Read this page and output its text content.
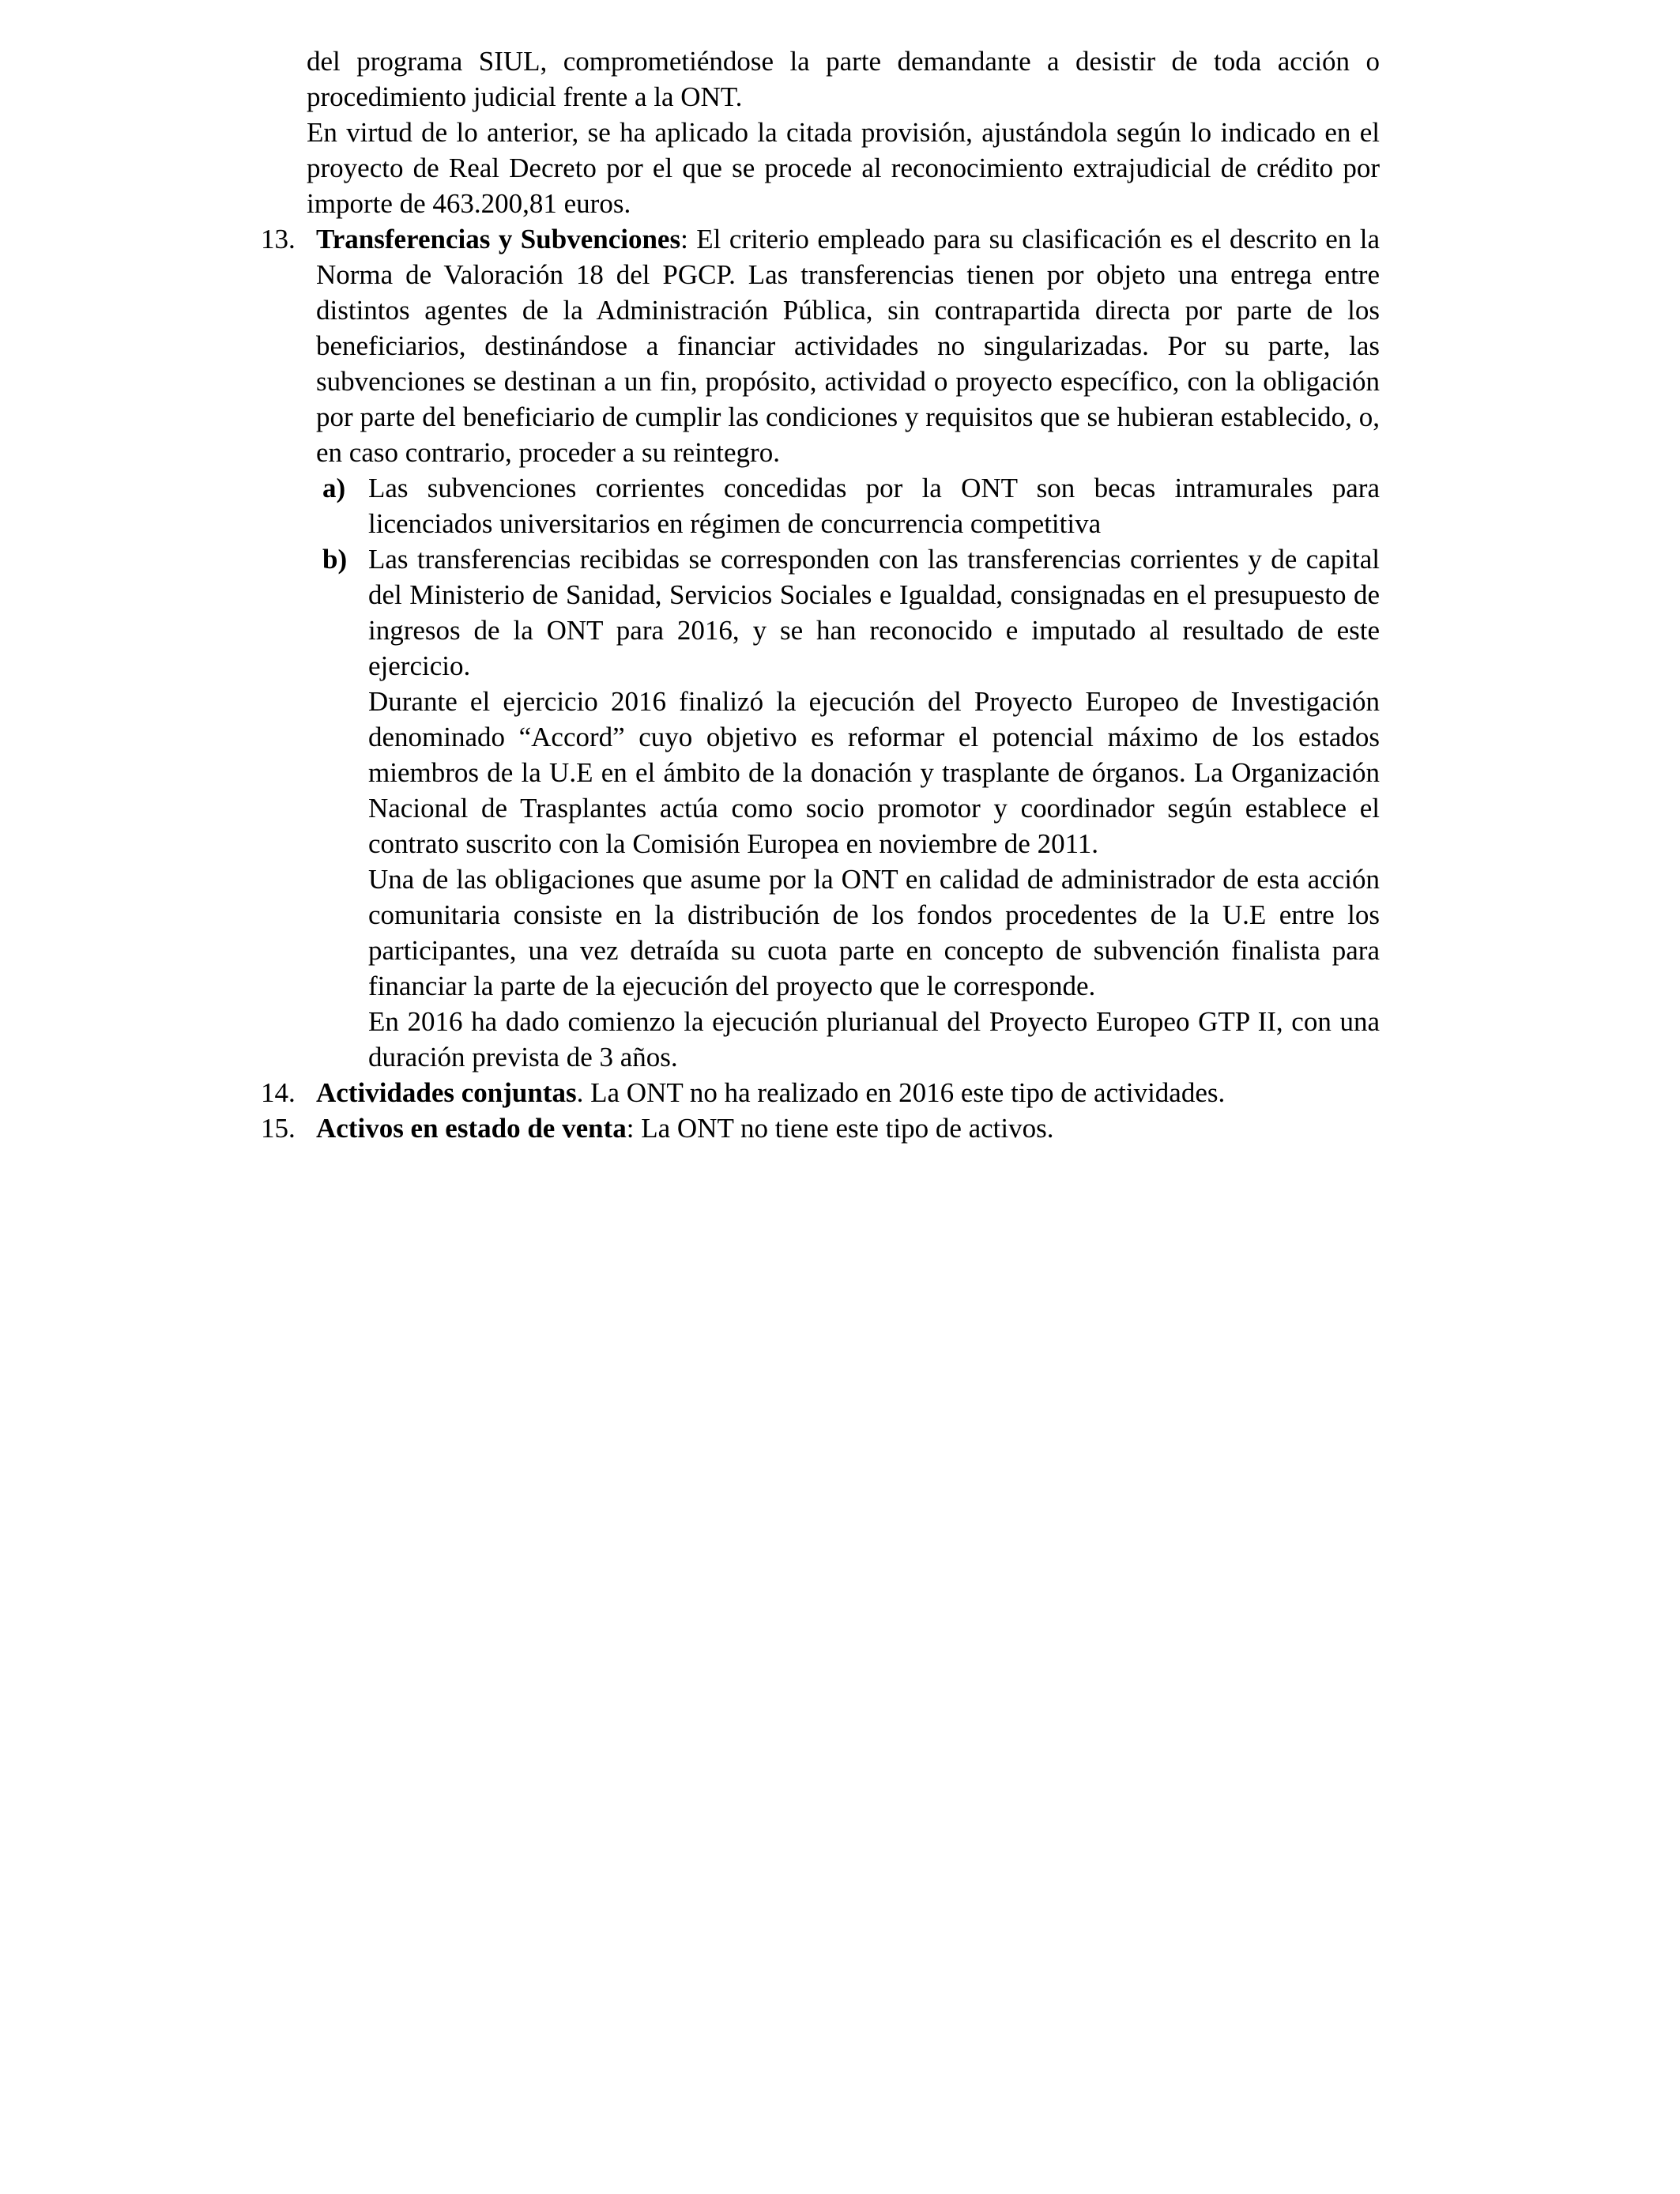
del programa SIUL, comprometiéndose la parte demandante a desistir de toda acción o procedimiento judicial frente a la ONT.

En virtud de lo anterior, se ha aplicado la citada provisión, ajustándola según lo indicado en el proyecto de Real Decreto por el que se procede al reconocimiento extrajudicial de crédito por importe de 463.200,81 euros.

13. Transferencias y Subvenciones: El criterio empleado para su clasificación es el descrito en la Norma de Valoración 18 del PGCP. Las transferencias tienen por objeto una entrega entre distintos agentes de la Administración Pública, sin contrapartida directa por parte de los beneficiarios, destinándose a financiar actividades no singularizadas. Por su parte, las subvenciones se destinan a un fin, propósito, actividad o proyecto específico, con la obligación por parte del beneficiario de cumplir las condiciones y requisitos que se hubieran establecido, o, en caso contrario, proceder a su reintegro.

a) Las subvenciones corrientes concedidas por la ONT son becas intramurales para licenciados universitarios en régimen de concurrencia competitiva

b) Las transferencias recibidas se corresponden con las transferencias corrientes y de capital del Ministerio de Sanidad, Servicios Sociales e Igualdad, consignadas en el presupuesto de ingresos de la ONT para 2016, y se han reconocido e imputado al resultado de este ejercicio.

Durante el ejercicio 2016 finalizó la ejecución del Proyecto Europeo de Investigación denominado “Accord” cuyo objetivo es reformar el potencial máximo de los estados miembros de la U.E en el ámbito de la donación y trasplante de órganos. La Organización Nacional de Trasplantes actúa como socio promotor y coordinador según establece el contrato suscrito con la Comisión Europea en noviembre de 2011.

Una de las obligaciones que asume por la ONT en calidad de administrador de esta acción comunitaria consiste en la distribución de los fondos procedentes de la U.E entre los participantes, una vez detraída su cuota parte en concepto de subvención finalista para financiar la parte de la ejecución del proyecto que le corresponde.

En 2016 ha dado comienzo la ejecución plurianual del Proyecto Europeo GTP II, con una duración prevista de 3 años.

14. Actividades conjuntas. La ONT no ha realizado en 2016 este tipo de actividades.

15. Activos en estado de venta: La ONT no tiene este tipo de activos.
